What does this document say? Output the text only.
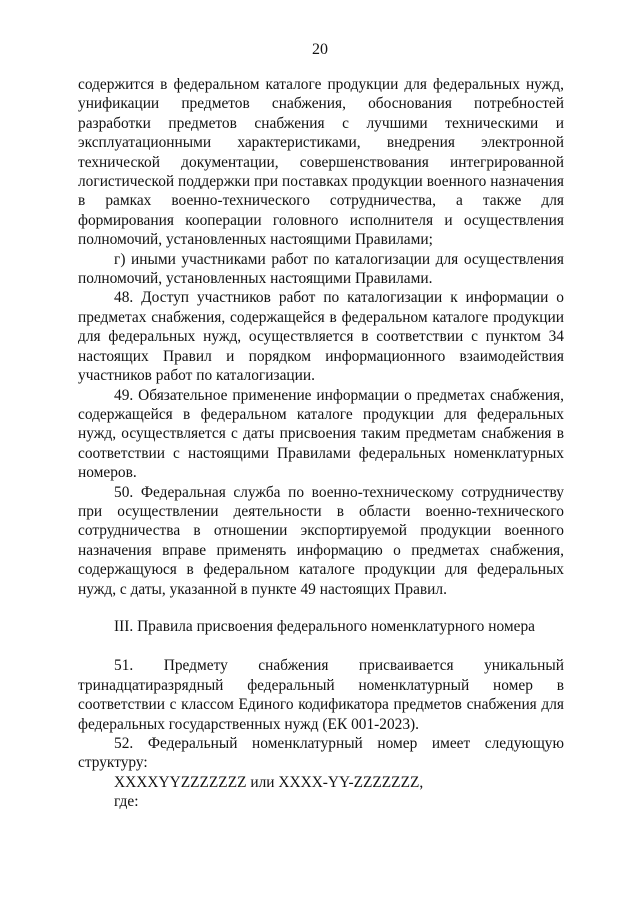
20

содержится в федеральном каталоге продукции для федеральных нужд, унификации предметов снабжения, обоснования потребностей разработки предметов снабжения с лучшими техническими и эксплуатационными характеристиками, внедрения электронной технической документации, совершенствования интегрированной логистической поддержки при поставках продукции военного назначения в рамках военно-технического сотрудничества, а также для формирования кооперации головного исполнителя и осуществления полномочий, установленных настоящими Правилами;

г) иными участниками работ по каталогизации для осуществления полномочий, установленных настоящими Правилами.

48. Доступ участников работ по каталогизации к информации о предметах снабжения, содержащейся в федеральном каталоге продукции для федеральных нужд, осуществляется в соответствии с пунктом 34 настоящих Правил и порядком информационного взаимодействия участников работ по каталогизации.

49. Обязательное применение информации о предметах снабжения, содержащейся в федеральном каталоге продукции для федеральных нужд, осуществляется с даты присвоения таким предметам снабжения в соответствии с настоящими Правилами федеральных номенклатурных номеров.

50. Федеральная служба по военно-техническому сотрудничеству при осуществлении деятельности в области военно-технического сотрудничества в отношении экспортируемой продукции военного назначения вправе применять информацию о предметах снабжения, содержащуюся в федеральном каталоге продукции для федеральных нужд, с даты, указанной в пункте 49 настоящих Правил.

III. Правила присвоения федерального номенклатурного номера

51. Предмету снабжения присваивается уникальный тринадцатиразрядный федеральный номенклатурный номер в соответствии с классом Единого кодификатора предметов снабжения для федеральных государственных нужд (ЕК 001-2023).

52. Федеральный номенклатурный номер имеет следующую структуру:

XXXXYYZZZZZZZ или XXXX-YY-ZZZZZZZ,

где:
